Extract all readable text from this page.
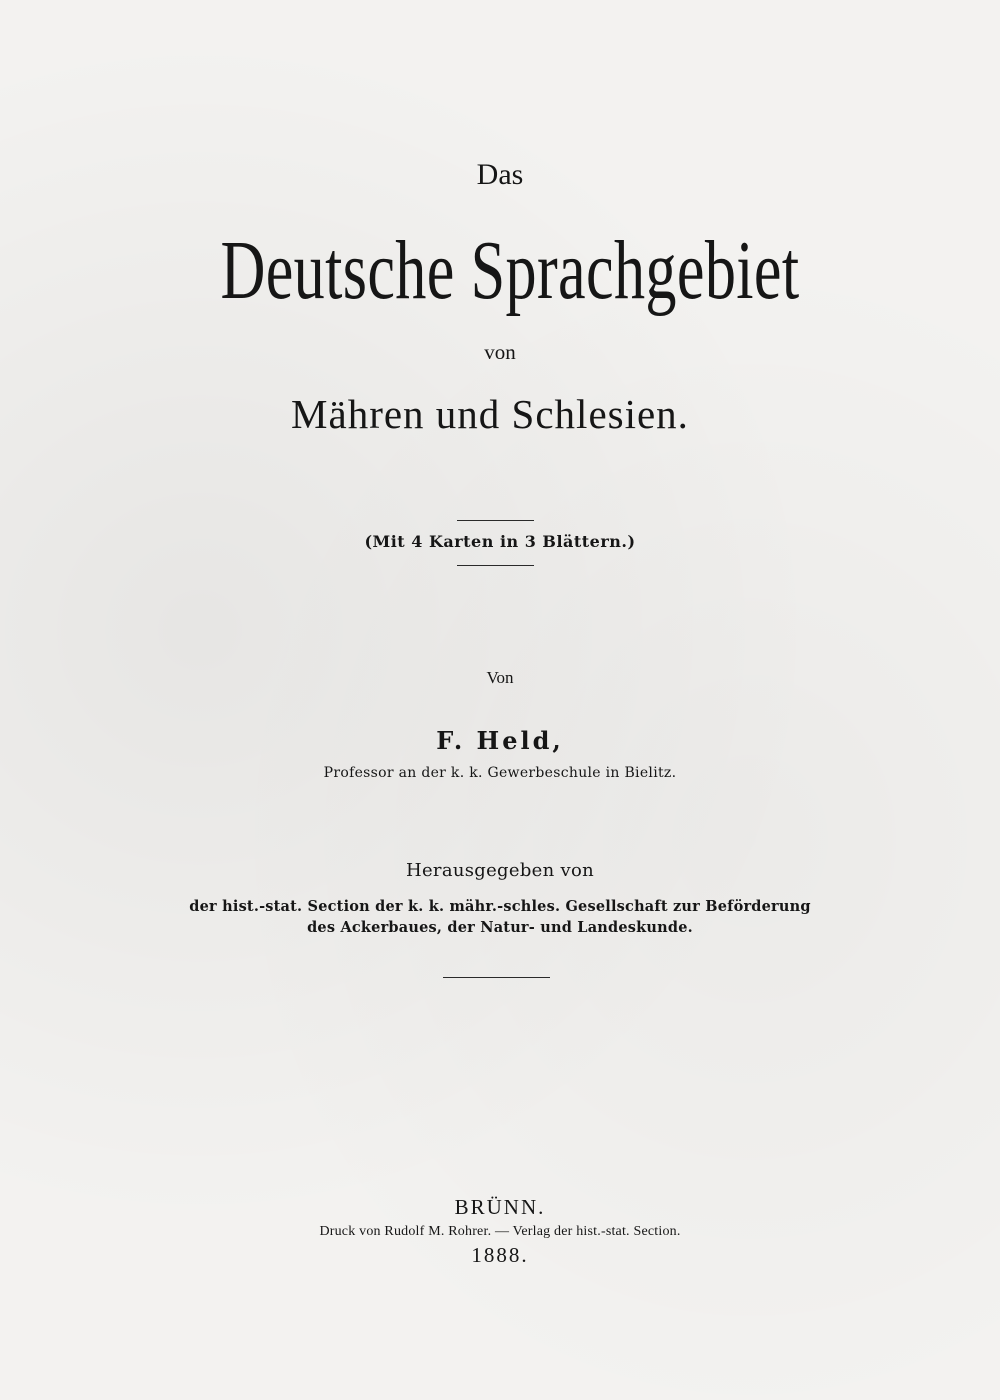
Das
Deutsche Sprachgebiet
von
Mähren und Schlesien.
(Mit 4 Karten in 3 Blättern.)
Von
F. Held,
Professor an der k. k. Gewerbeschule in Bielitz.
Herausgegeben von
der hist.-stat. Section der k. k. mähr.-schles. Gesellschaft zur Beförderung
des Ackerbaues, der Natur- und Landeskunde.
BRÜNN.
Druck von Rudolf M. Rohrer. — Verlag der hist.-stat. Section.
1888.
